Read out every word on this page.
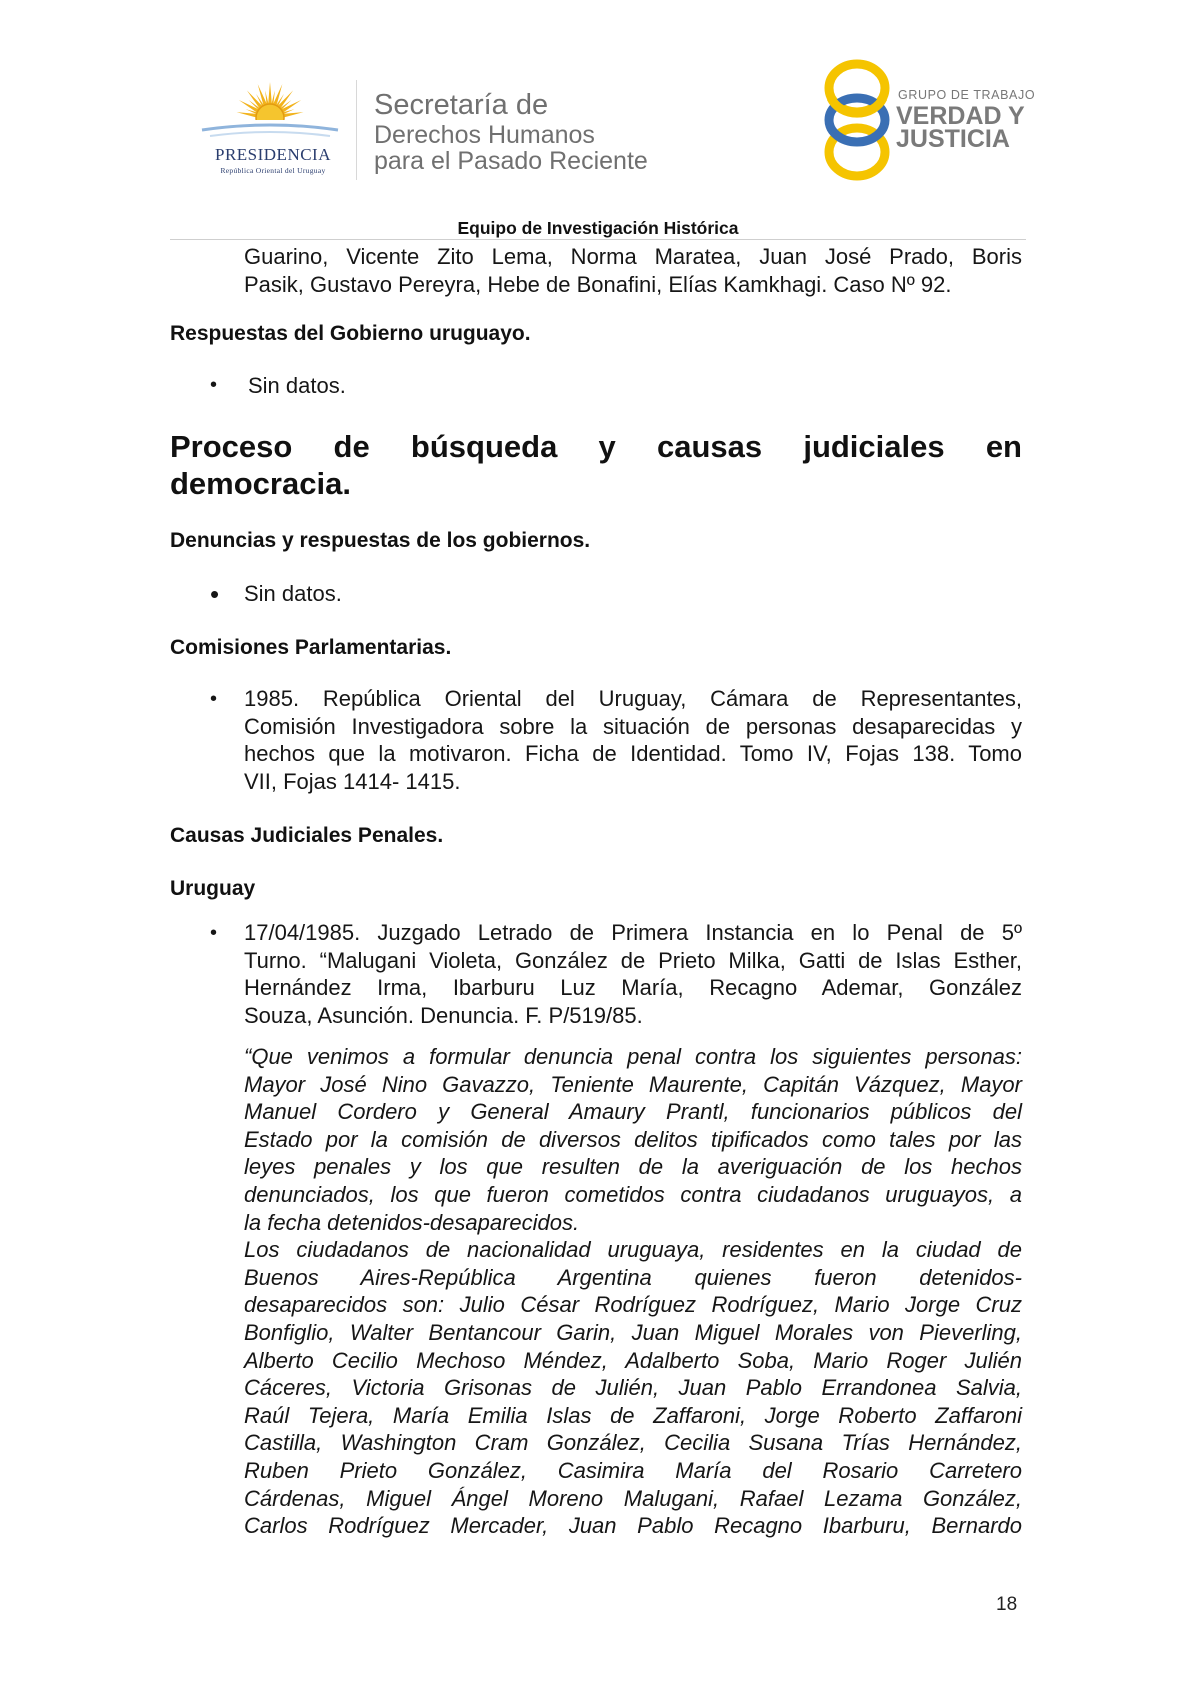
PRESIDENCIA
República Oriental del Uruguay
Secretaría de
Derechos Humanos
para el Pasado Reciente
GRUPO DE TRABAJO
VERDAD Y
JUSTICIA
Equipo de Investigación Histórica
Guarino, Vicente Zito Lema, Norma Maratea, Juan José Prado, Boris
Pasik, Gustavo Pereyra, Hebe de Bonafini, Elías Kamkhagi. Caso Nº 92.
Respuestas del Gobierno uruguayo.
• Sin datos.
Proceso de búsqueda y causas judiciales en
democracia.
Denuncias y respuestas de los gobiernos.
• Sin datos.
Comisiones Parlamentarias.
• 1985. República Oriental del Uruguay, Cámara de Representantes,
Comisión Investigadora sobre la situación de personas desaparecidas y
hechos que la motivaron. Ficha de Identidad. Tomo IV, Fojas 138. Tomo
VII, Fojas 1414- 1415.
Causas Judiciales Penales.
Uruguay
• 17/04/1985. Juzgado Letrado de Primera Instancia en lo Penal de 5º
Turno. “Malugani Violeta, González de Prieto Milka, Gatti de Islas Esther,
Hernández Irma, Ibarburu Luz María, Recagno Ademar, González
Souza, Asunción. Denuncia. F. P/519/85.
“Que venimos a formular denuncia penal contra los siguientes personas:
Mayor José Nino Gavazzo, Teniente Maurente, Capitán Vázquez, Mayor
Manuel Cordero y General Amaury Prantl, funcionarios públicos del
Estado por la comisión de diversos delitos tipificados como tales por las
leyes penales y los que resulten de la averiguación de los hechos
denunciados, los que fueron cometidos contra ciudadanos uruguayos, a
la fecha detenidos-desaparecidos.
Los ciudadanos de nacionalidad uruguaya, residentes en la ciudad de
Buenos Aires-República Argentina quienes fueron detenidos-
desaparecidos son: Julio César Rodríguez Rodríguez, Mario Jorge Cruz
Bonfiglio, Walter Bentancour Garin, Juan Miguel Morales von Pieverling,
Alberto Cecilio Mechoso Méndez, Adalberto Soba, Mario Roger Julién
Cáceres, Victoria Grisonas de Julién, Juan Pablo Errandonea Salvia,
Raúl Tejera, María Emilia Islas de Zaffaroni, Jorge Roberto Zaffaroni
Castilla, Washington Cram González, Cecilia Susana Trías Hernández,
Ruben Prieto González, Casimira María del Rosario Carretero
Cárdenas, Miguel Ángel Moreno Malugani, Rafael Lezama González,
Carlos Rodríguez Mercader, Juan Pablo Recagno Ibarburu, Bernardo
18
